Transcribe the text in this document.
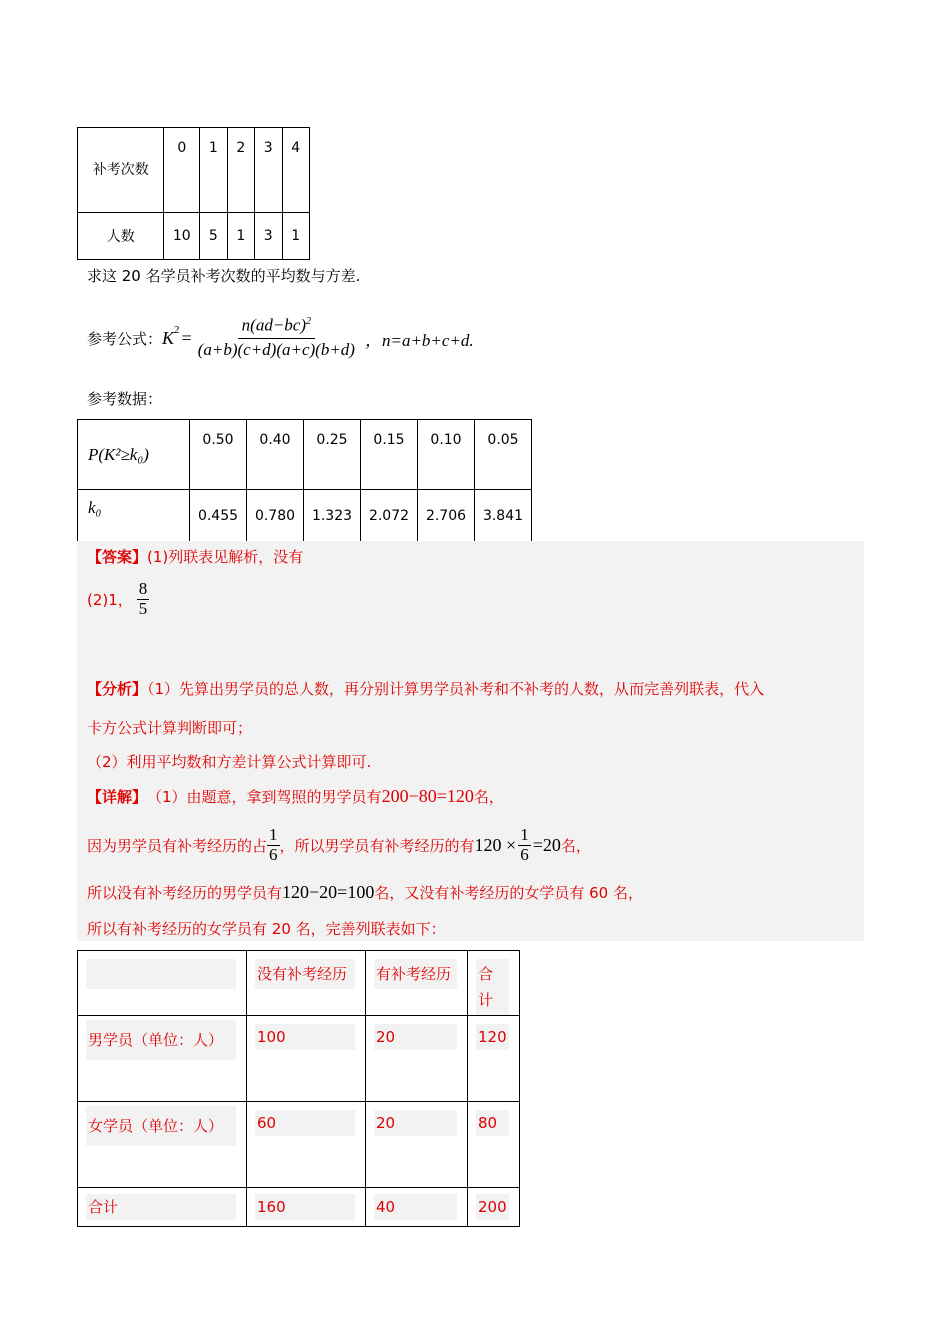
补考次数	0	1	2	3	4
人数	10	5	1	3	1
求这 20 名学员补考次数的平均数与方差.
参考公式： $K^2 = \frac{n(ad-bc)^2}{(a+b)(c+d)(a+c)(b+d)}$ ，n=a+b+c+d.
参考数据：
P(K²≥k₀)	0.50	0.40	0.25	0.15	0.10	0.05
k₀	0.455	0.780	1.323	2.072	2.706	3.841
【答案】(1)列联表见解析，没有
(2)1， $\frac{8}{5}$
【分析】（1）先算出男学员的总人数，再分别计算男学员补考和不补考的人数，从而完善列联表，代入
卡方公式计算判断即可；
（2）利用平均数和方差计算公式计算即可.
【详解】 （1）由题意，拿到驾照的男学员有 200−80=120 名，
因为男学员有补考经历的占 $\frac{1}{6}$ ，所以男学员有补考经历的有 $120 \times \frac{1}{6} =20$ 名，
所以没有补考经历的男学员有 120−20=100 名，又没有补考经历的女学员有 60 名，
所以有补考经历的女学员有 20 名，完善列联表如下：

	没有补考经历	有补考经历	合计

男学员（单位：人）	100	20	120

女学员（单位：人）	60	20	80

合计	160	40	200
